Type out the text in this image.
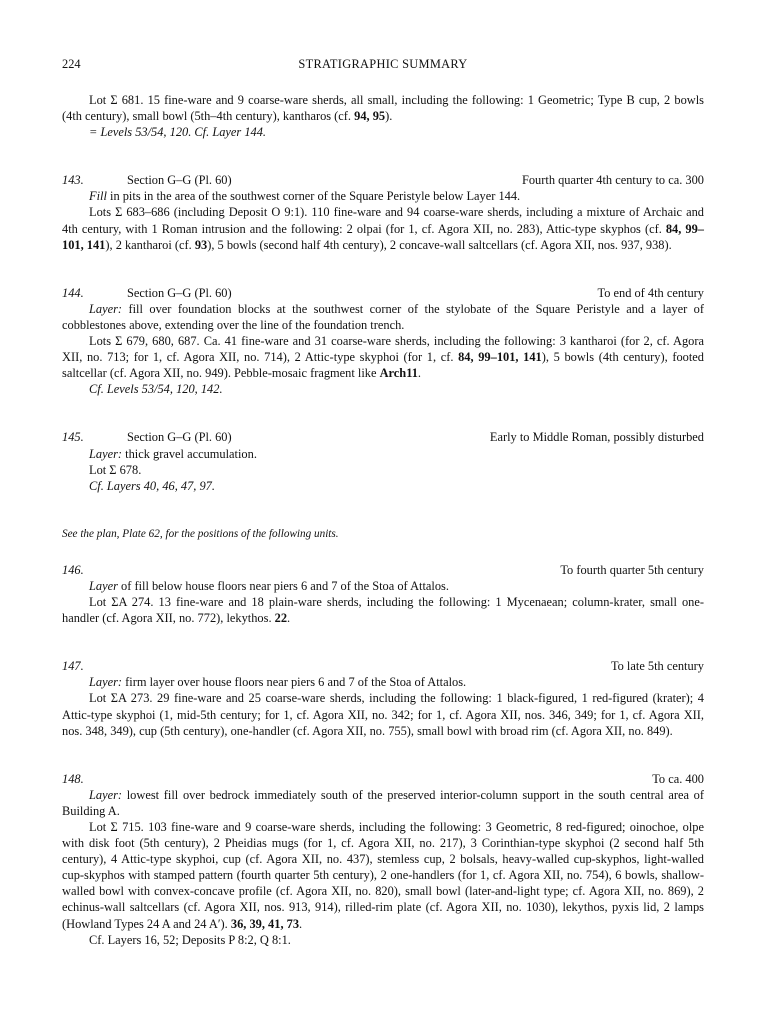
224	STRATIGRAPHIC SUMMARY

Lot Σ 681. 15 fine-ware and 9 coarse-ware sherds, all small, including the following: 1 Geometric; Type B cup, 2 bowls (4th century), small bowl (5th–4th century), kantharos (cf. 94, 95).

= Levels 53/54, 120. Cf. Layer 144.

143.	Section G–G (Pl. 60)	Fourth quarter 4th century to ca. 300

Fill in pits in the area of the southwest corner of the Square Peristyle below Layer 144.

Lots Σ 683–686 (including Deposit O 9:1). 110 fine-ware and 94 coarse-ware sherds, including a mixture of Archaic and 4th century, with 1 Roman intrusion and the following: 2 olpai (for 1, cf. Agora XII, no. 283), Attic-type skyphos (cf. 84, 99–101, 141), 2 kantharoi (cf. 93), 5 bowls (second half 4th century), 2 concave-wall saltcellars (cf. Agora XII, nos. 937, 938).

144.	Section G–G (Pl. 60)	To end of 4th century

Layer: fill over foundation blocks at the southwest corner of the stylobate of the Square Peristyle and a layer of cobblestones above, extending over the line of the foundation trench.

Lots Σ 679, 680, 687. Ca. 41 fine-ware and 31 coarse-ware sherds, including the following: 3 kantharoi (for 2, cf. Agora XII, no. 713; for 1, cf. Agora XII, no. 714), 2 Attic-type skyphoi (for 1, cf. 84, 99–101, 141), 5 bowls (4th century), footed saltcellar (cf. Agora XII, no. 949). Pebble-mosaic fragment like Arch11.

Cf. Levels 53/54, 120, 142.

145.	Section G–G (Pl. 60)	Early to Middle Roman, possibly disturbed

Layer: thick gravel accumulation.

Lot Σ 678.

Cf. Layers 40, 46, 47, 97.

See the plan, Plate 62, for the positions of the following units.

146.	To fourth quarter 5th century

Layer of fill below house floors near piers 6 and 7 of the Stoa of Attalos.

Lot ΣA 274. 13 fine-ware and 18 plain-ware sherds, including the following: 1 Mycenaean; column-krater, small one-handler (cf. Agora XII, no. 772), lekythos. 22.

147.	To late 5th century

Layer: firm layer over house floors near piers 6 and 7 of the Stoa of Attalos.

Lot ΣA 273. 29 fine-ware and 25 coarse-ware sherds, including the following: 1 black-figured, 1 red-figured (krater); 4 Attic-type skyphoi (1, mid-5th century; for 1, cf. Agora XII, no. 342; for 1, cf. Agora XII, nos. 346, 349; for 1, cf. Agora XII, nos. 348, 349), cup (5th century), one-handler (cf. Agora XII, no. 755), small bowl with broad rim (cf. Agora XII, no. 849).

148.	To ca. 400

Layer: lowest fill over bedrock immediately south of the preserved interior-column support in the south central area of Building A.

Lot Σ 715. 103 fine-ware and 9 coarse-ware sherds, including the following: 3 Geometric, 8 red-figured; oinochoe, olpe with disk foot (5th century), 2 Pheidias mugs (for 1, cf. Agora XII, no. 217), 3 Corinthian-type skyphoi (2 second half 5th century), 4 Attic-type skyphoi, cup (cf. Agora XII, no. 437), stemless cup, 2 bolsals, heavy-walled cup-skyphos, light-walled cup-skyphos with stamped pattern (fourth quarter 5th century), 2 one-handlers (for 1, cf. Agora XII, no. 754), 6 bowls, shallow-walled bowl with convex-concave profile (cf. Agora XII, no. 820), small bowl (later-and-light type; cf. Agora XII, no. 869), 2 echinus-wall saltcellars (cf. Agora XII, nos. 913, 914), rilled-rim plate (cf. Agora XII, no. 1030), lekythos, pyxis lid, 2 lamps (Howland Types 24 A and 24 A′). 36, 39, 41, 73.

Cf. Layers 16, 52; Deposits P 8:2, Q 8:1.
